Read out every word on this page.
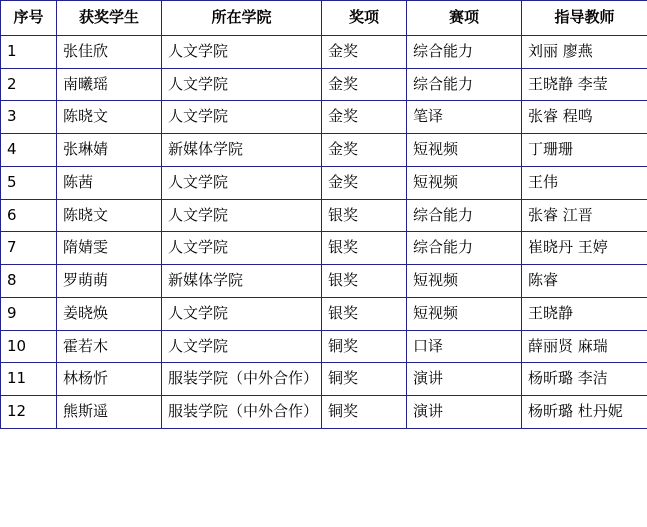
序号	获奖学生	所在学院	奖项	赛项	指导教师
1	张佳欣	人文学院	金奖	综合能力	刘丽 廖燕
2	南曦瑶	人文学院	金奖	综合能力	王晓静 李莹
3	陈晓文	人文学院	金奖	笔译	张睿 程鸣
4	张琳婧	新媒体学院	金奖	短视频	丁珊珊
5	陈茜	人文学院	金奖	短视频	王伟
6	陈晓文	人文学院	银奖	综合能力	张睿 江晋
7	隋婧雯	人文学院	银奖	综合能力	崔晓丹 王婷
8	罗萌萌	新媒体学院	银奖	短视频	陈睿
9	姜晓焕	人文学院	银奖	短视频	王晓静
10	霍若木	人文学院	铜奖	口译	薛丽贤 麻瑞
11	林杨忻	服装学院（中外合作）	铜奖	演讲	杨昕璐 李洁
12	熊斯遥	服装学院（中外合作）	铜奖	演讲	杨昕璐 杜丹妮
